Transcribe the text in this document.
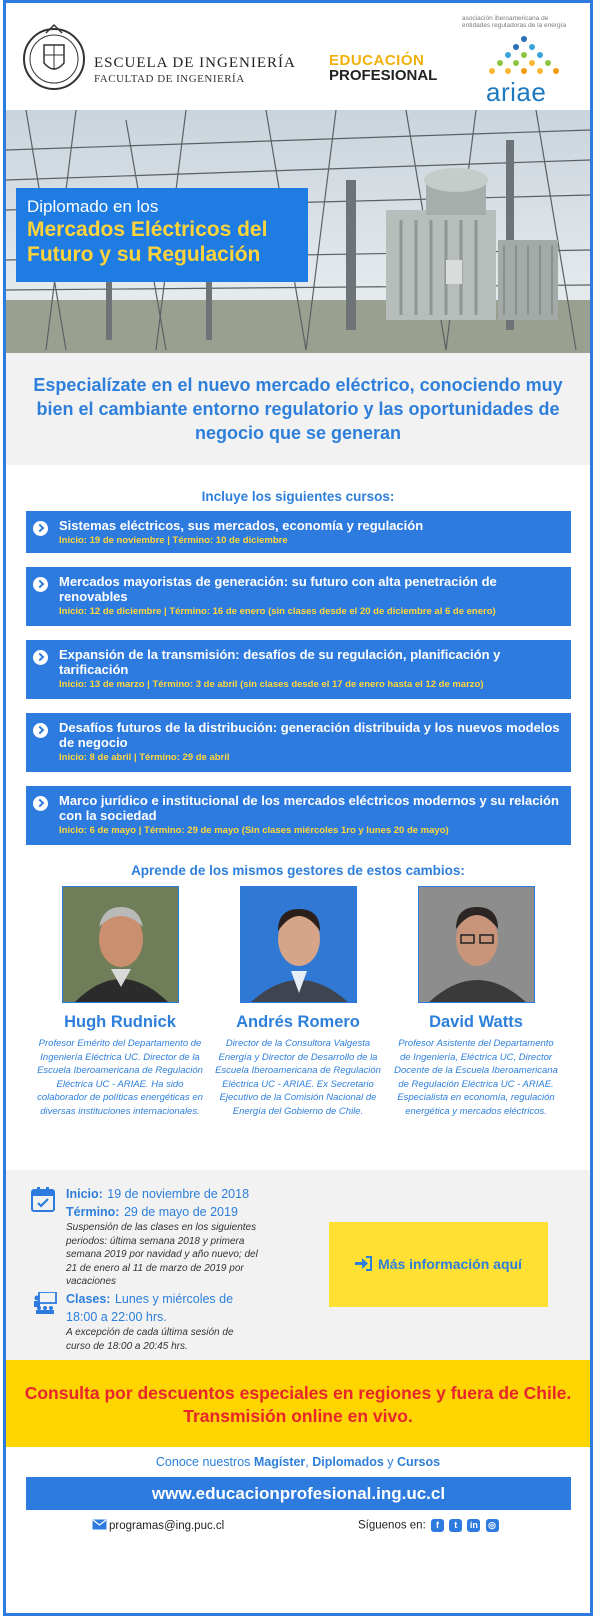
ESCUELA DE INGENIERÍA
FACULTAD DE INGENIERÍA
EDUCACIÓN
PROFESIONAL
asociación iberoamericana de entidades reguladoras de la energía
ariae
Diplomado en los
Mercados Eléctricos del
Futuro y su Regulación
Especialízate en el nuevo mercado eléctrico, conociendo muy bien el cambiante entorno regulatorio y las oportunidades de negocio que se generan
Incluye los siguientes cursos:
Sistemas eléctricos, sus mercados, economía y regulación
Inicio: 19 de noviembre | Término: 10 de diciembre
Mercados mayoristas de generación: su futuro con alta penetración de renovables
Inicio: 12 de diciembre | Término: 16 de enero (sin clases desde el 20 de diciembre al 6 de enero)
Expansión de la transmisión: desafíos de su regulación, planificación y tarificación
Inicio: 13 de marzo | Término: 3 de abril (sin clases desde el 17 de enero hasta el 12 de marzo)
Desafíos futuros de la distribución: generación distribuida y los nuevos modelos de negocio
Inicio: 8 de abril | Término: 29 de abril
Marco jurídico e institucional de los mercados eléctricos modernos y su relación con la sociedad
Inicio: 6 de mayo | Término: 29 de mayo (Sin clases miércoles 1ro y lunes 20 de mayo)
Aprende de los mismos gestores de estos cambios:
Hugh Rudnick
Profesor Emérito del Departamento de Ingeniería Eléctrica UC. Director de la Escuela Iberoamericana de Regulación Eléctrica UC - ARIAE. Ha sido colaborador de políticas energéticas en diversas instituciones internacionales.
Andrés Romero
Director de la Consultora Valgesta Energía y Director de Desarrollo de la Escuela Iberoamericana de Regulación Eléctrica UC - ARIAE. Ex Secretario Ejecutivo de la Comisión Nacional de Energía del Gobierno de Chile.
David Watts
Profesor Asistente del Departamento de Ingeniería, Eléctrica UC, Director Docente de la Escuela Iberoamericana de Regulación Eléctrica UC - ARIAE. Especialista en economía, regulación energética y mercados eléctricos.
Inicio: 19 de noviembre de 2018
Término: 29 de mayo de 2019
Suspensión de las clases en los siguientes periodos: última semana 2018 y primera semana 2019 por navidad y año nuevo; del 21 de enero al 11 de marzo de 2019 por vacaciones
Clases: Lunes y miércoles de 18:00 a 22:00 hrs.
A excepción de cada última sesión de curso de 18:00 a 20:45 hrs.
Más información aquí
Consulta por descuentos especiales en regiones y fuera de Chile. Transmisión online en vivo.
Conoce nuestros Magíster, Diplomados y Cursos
www.educacionprofesional.ing.uc.cl
programas@ing.puc.cl	Síguenos en: f t in ◎
